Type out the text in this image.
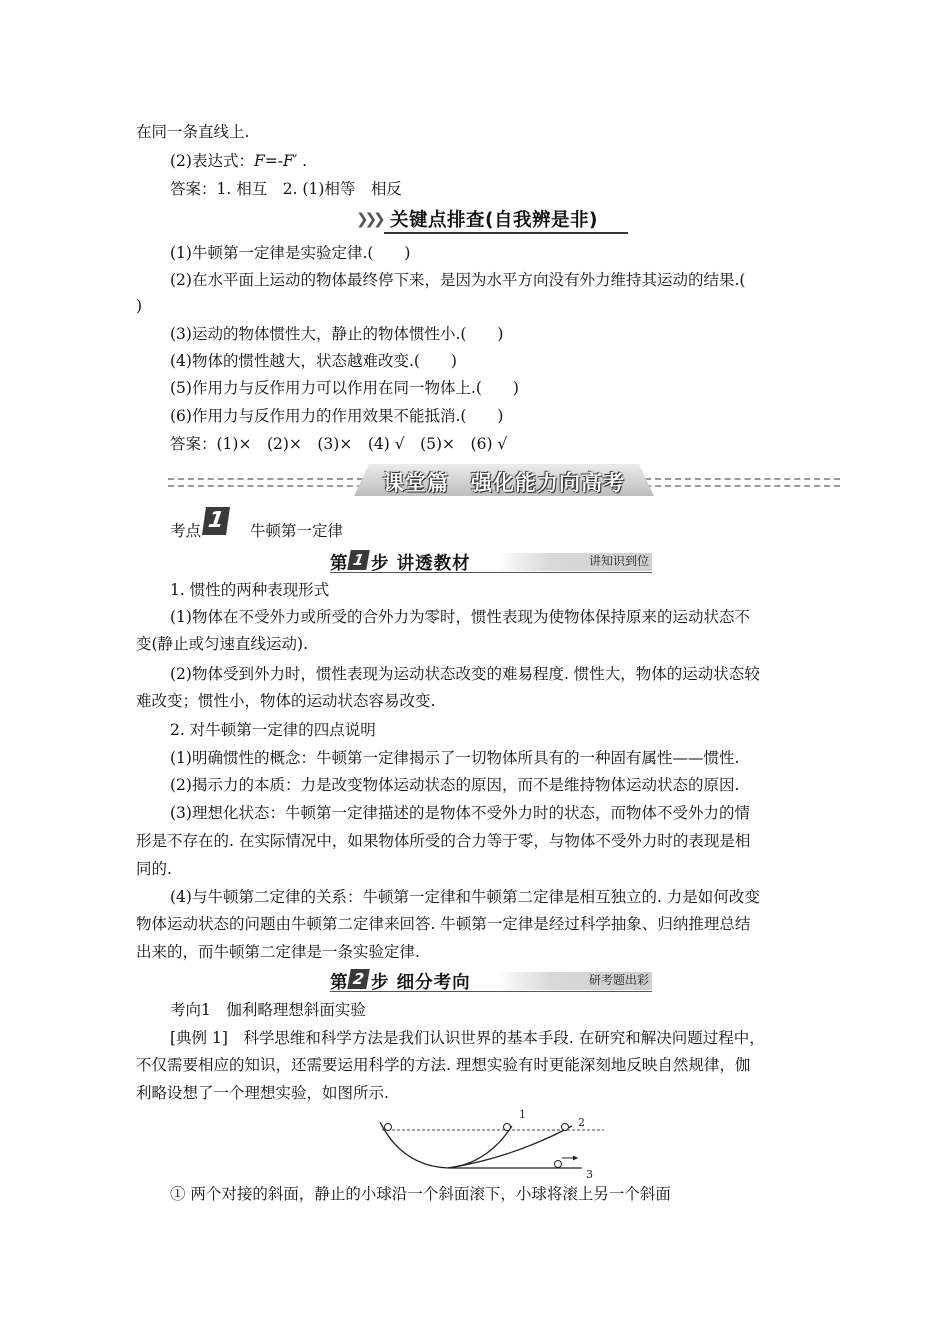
在同一条直线上.
(2)表达式：F=-F′ .
答案：1. 相互　2. (1)相等　相反
❯❯❯ 关键点排查(自我辨是非)
(1)牛顿第一定律是实验定律.(　　)
(2)在水平面上运动的物体最终停下来，是因为水平方向没有外力维持其运动的结果.(
)
(3)运动的物体惯性大，静止的物体惯性小.(　　)
(4)物体的惯性越大，状态越难改变.(　　)
(5)作用力与反作用力可以作用在同一物体上.(　　)
(6)作用力与反作用力的作用效果不能抵消.(　　)
答案：(1)×　(2)×　(3)×　(4) √　(5)×　(6) √
课堂篇　强化能力向高考
考点 1 牛顿第一定律
第 1 步 讲透教材	讲知识到位
1. 惯性的两种表现形式
(1)物体在不受外力或所受的合外力为零时，惯性表现为使物体保持原来的运动状态不
变(静止或匀速直线运动).
(2)物体受到外力时，惯性表现为运动状态改变的难易程度. 惯性大，物体的运动状态较
难改变；惯性小，物体的运动状态容易改变.
2. 对牛顿第一定律的四点说明
(1)明确惯性的概念：牛顿第一定律揭示了一切物体所具有的一种固有属性——惯性.
(2)揭示力的本质：力是改变物体运动状态的原因，而不是维持物体运动状态的原因.
(3)理想化状态：牛顿第一定律描述的是物体不受外力时的状态，而物体不受外力的情
形是不存在的. 在实际情况中，如果物体所受的合力等于零，与物体不受外力时的表现是相
同的.
(4)与牛顿第二定律的关系：牛顿第一定律和牛顿第二定律是相互独立的. 力是如何改变
物体运动状态的问题由牛顿第二定律来回答. 牛顿第一定律是经过科学抽象、归纳推理总结
出来的，而牛顿第二定律是一条实验定律.
第 2 步 细分考向	研考题出彩
考向1　伽利略理想斜面实验
[典例 1]　科学思维和科学方法是我们认识世界的基本手段. 在研究和解决问题过程中，
不仅需要相应的知识，还需要运用科学的方法. 理想实验有时更能深刻地反映自然规律，伽
利略设想了一个理想实验，如图所示.
1
2
3
① 两个对接的斜面，静止的小球沿一个斜面滚下，小球将滚上另一个斜面
